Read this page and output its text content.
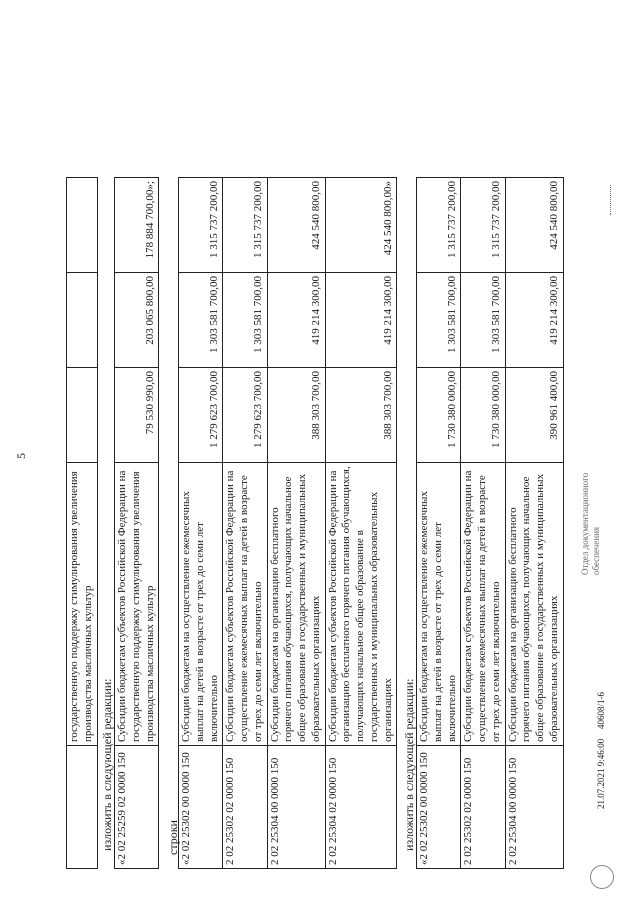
5
	государственную поддержку стимулирования увеличения производства масличных культур			
изложить в следующей редакции: «2 02 25259 02 0000 150	Субсидии бюджетам субъектов Российской Федерации на государственную поддержку стимулирования увеличения производства масличных культур	79 530 990,00	203 065 800,00	178 884 700,00»;
строки «2 02 25302 00 0000 150	Субсидии бюджетам на осуществление ежемесячных выплат на детей в возрасте от трех до семи лет включительно	1 279 623 700,00	1 303 581 700,00	1 315 737 200,00
2 02 25302 02 0000 150	Субсидии бюджетам субъектов Российской Федерации на осуществление ежемесячных выплат на детей в возрасте от трех до семи лет включительно	1 279 623 700,00	1 303 581 700,00	1 315 737 200,00
2 02 25304 00 0000 150	Субсидии бюджетам на организацию бесплатного горячего питания обучающихся, получающих начальное общее образование в государственных и муниципальных образовательных организациях	388 303 700,00	419 214 300,00	424 540 800,00
2 02 25304 02 0000 150	Субсидии бюджетам субъектов Российской Федерации на организацию бесплатного горячего питания обучающихся, получающих начальное общее образование в государственных и муниципальных образовательных организациях	388 303 700,00	419 214 300,00	424 540 800,00»
изложить в следующей редакции: «2 02 25302 00 0000 150	Субсидии бюджетам на осуществление ежемесячных выплат на детей в возрасте от трех до семи лет включительно	1 730 380 000,00	1 303 581 700,00	1 315 737 200,00
2 02 25302 02 0000 150	Субсидии бюджетам субъектов Российской Федерации на осуществление ежемесячных выплат на детей в возрасте от трех до семи лет включительно	1 730 380 000,00	1 303 581 700,00	1 315 737 200,00
2 02 25304 00 0000 150	Субсидии бюджетам на организацию бесплатного горячего питания обучающихся, получающих начальное общее образование в государственных и муниципальных образовательных организациях	390 961 400,00	419 214 300,00	424 540 800,00
21.07.2021 9:46:00
40608/1-6
Отдел документационного обеспечения
